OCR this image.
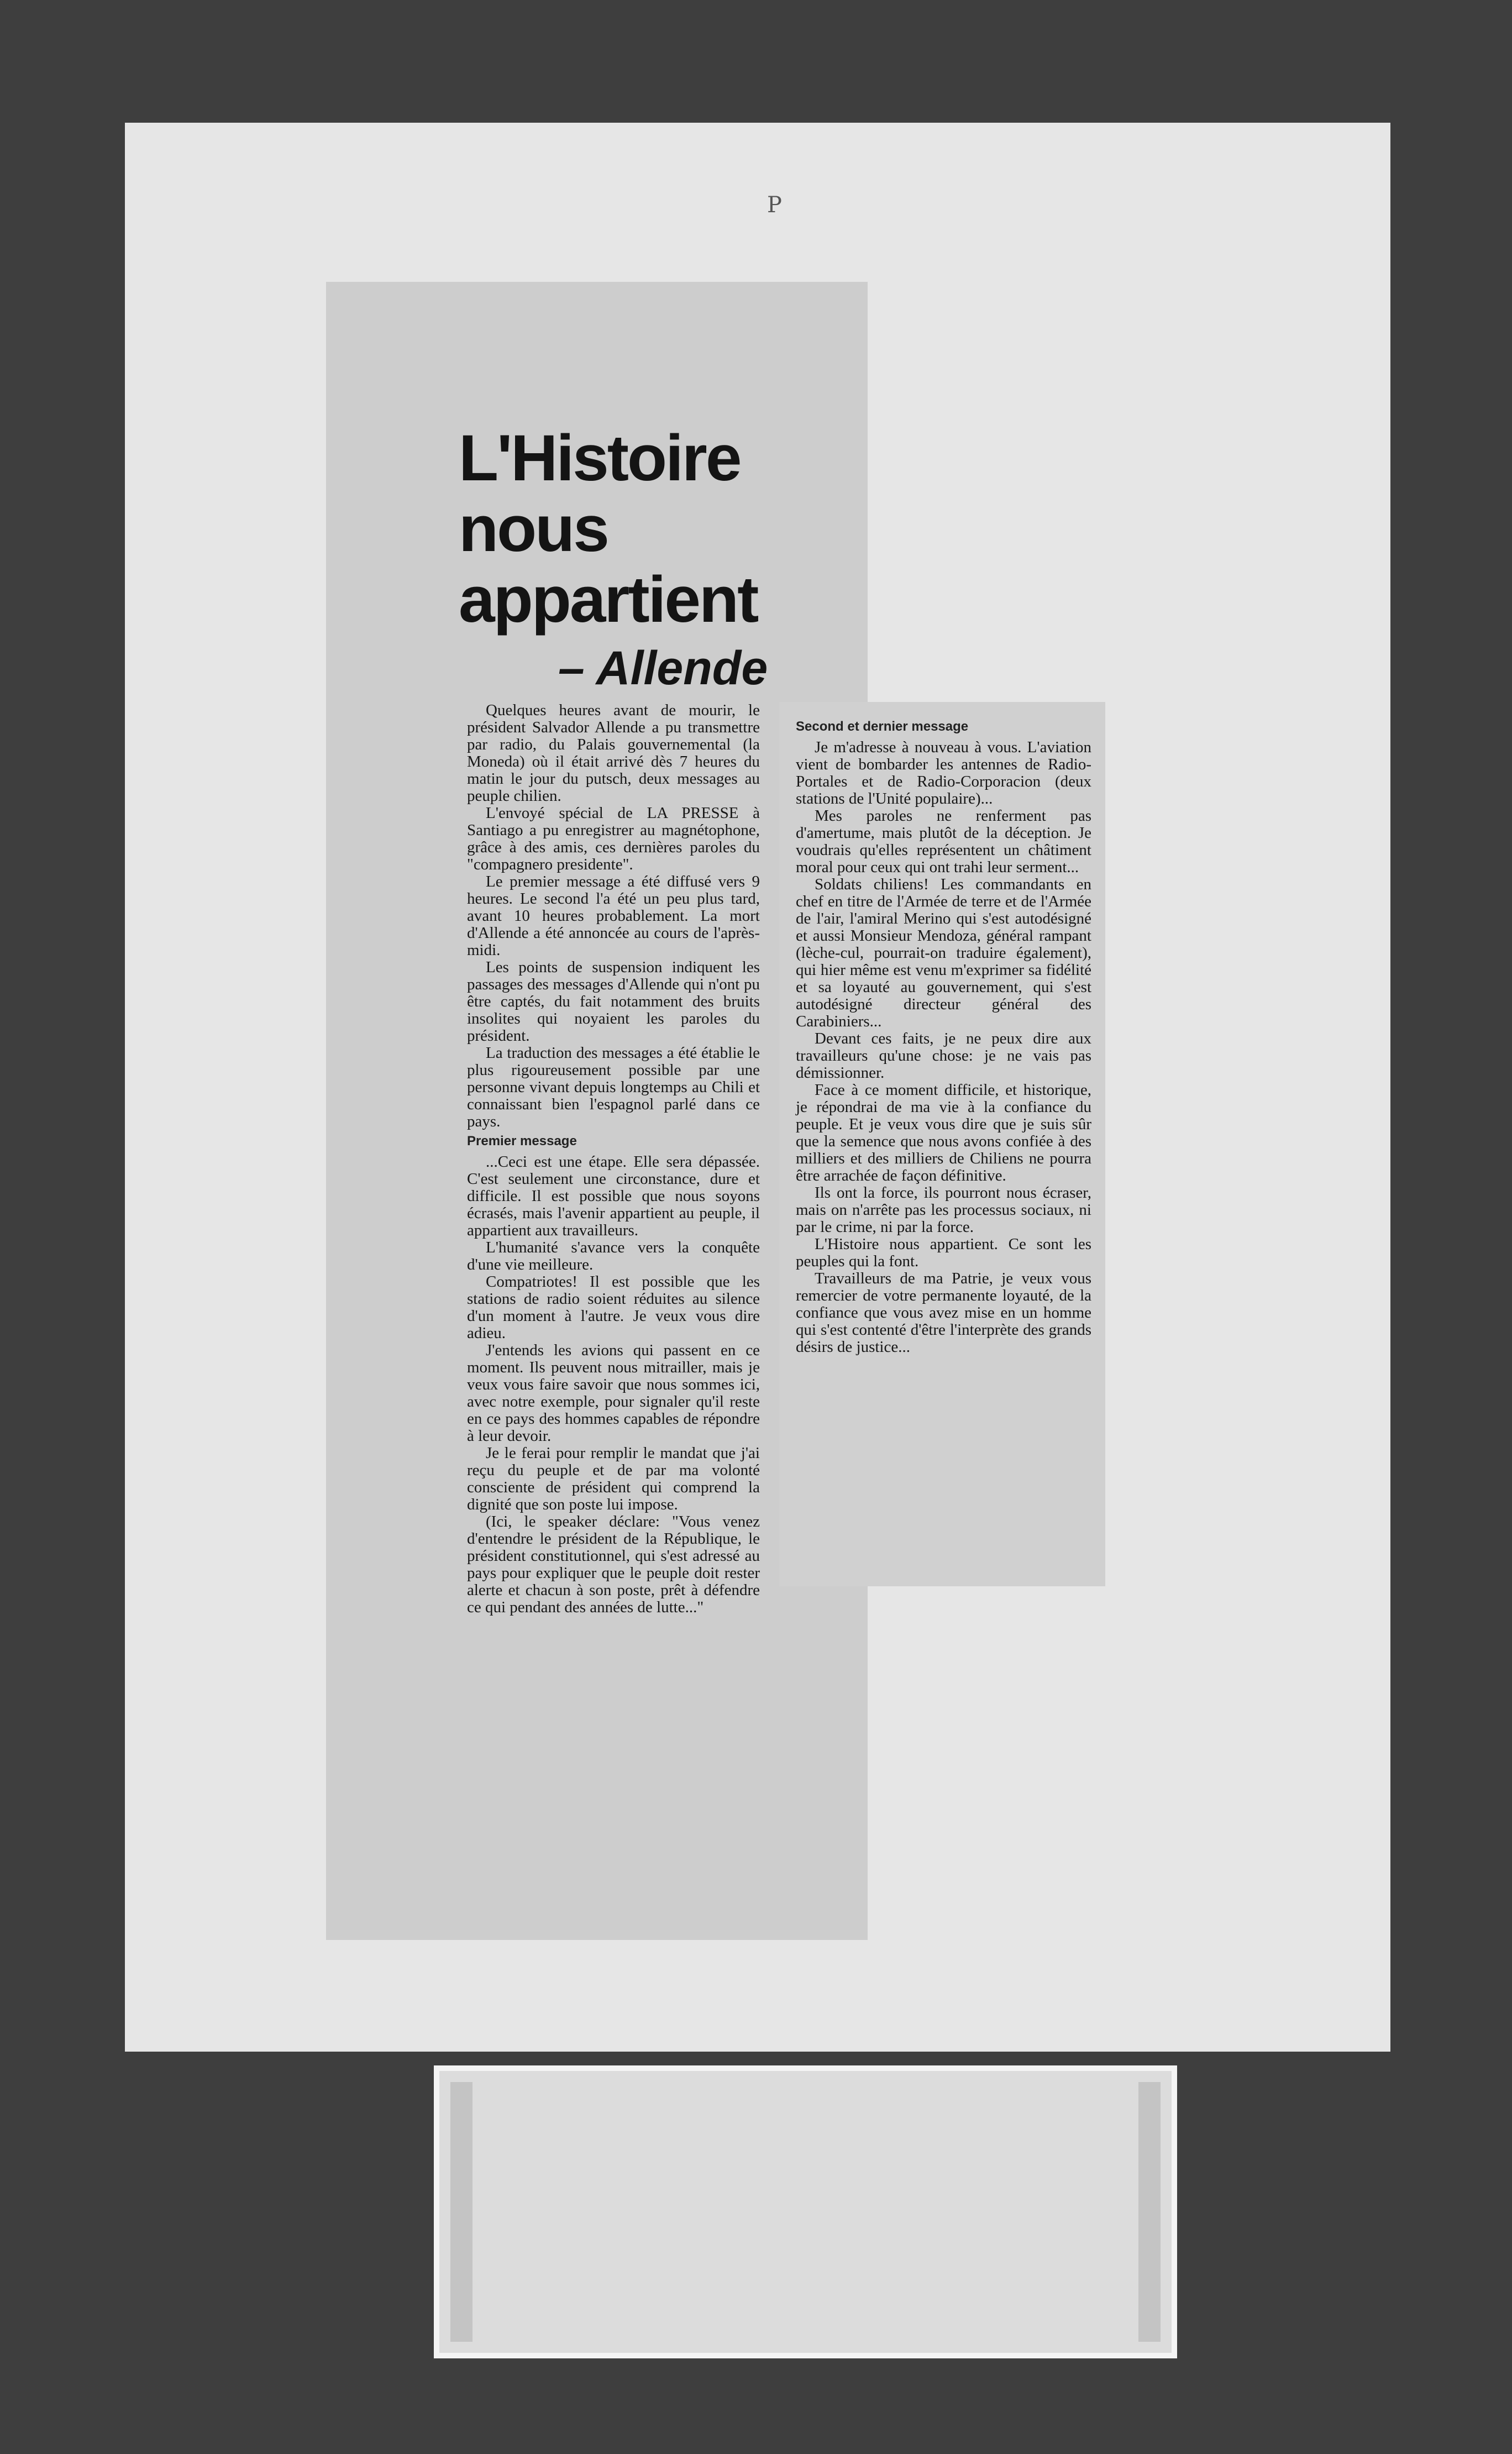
P
L'Histoire
nous
appartient
– Allende

Quelques heures avant de mourir, le président Salvador Allende a pu transmettre par radio, du Palais gouvernemental (la Moneda) où il était arrivé dès 7 heures du matin le jour du putsch, deux messages au peuple chilien.

L'envoyé spécial de LA PRESSE à Santiago a pu enregistrer au magnétophone, grâce à des amis, ces dernières paroles du "compagnero presidente".

Le premier message a été diffusé vers 9 heures. Le second l'a été un peu plus tard, avant 10 heures probablement. La mort d'Allende a été annoncée au cours de l'après-midi.

Les points de suspension indiquent les passages des messages d'Allende qui n'ont pu être captés, du fait notamment des bruits insolites qui noyaient les paroles du président.

La traduction des messages a été établie le plus rigoureusement possible par une personne vivant depuis longtemps au Chili et connaissant bien l'espagnol parlé dans ce pays.

Premier message

...Ceci est une étape. Elle sera dépassée. C'est seulement une circonstance, dure et difficile. Il est possible que nous soyons écrasés, mais l'avenir appartient au peuple, il appartient aux travailleurs.

L'humanité s'avance vers la conquête d'une vie meilleure.

Compatriotes! Il est possible que les stations de radio soient réduites au silence d'un moment à l'autre. Je veux vous dire adieu.

J'entends les avions qui passent en ce moment. Ils peuvent nous mitrailler, mais je veux vous faire savoir que nous sommes ici, avec notre exemple, pour signaler qu'il reste en ce pays des hommes capables de répondre à leur devoir.

Je le ferai pour remplir le mandat que j'ai reçu du peuple et de par ma volonté consciente de président qui comprend la dignité que son poste lui impose.

(Ici, le speaker déclare: "Vous venez d'entendre le président de la République, le président constitutionnel, qui s'est adressé au pays pour expliquer que le peuple doit rester alerte et chacun à son poste, prêt à défendre ce qui pendant des années de lutte..."

Second et dernier message

Je m'adresse à nouveau à vous. L'aviation vient de bombarder les antennes de Radio-Portales et de Radio-Corporacion (deux stations de l'Unité populaire)...

Mes paroles ne renferment pas d'amertume, mais plutôt de la déception. Je voudrais qu'elles représentent un châtiment moral pour ceux qui ont trahi leur serment...

Soldats chiliens! Les commandants en chef en titre de l'Armée de terre et de l'Armée de l'air, l'amiral Merino qui s'est autodésigné et aussi Monsieur Mendoza, général rampant (lèche-cul, pourrait-on traduire également), qui hier même est venu m'exprimer sa fidélité et sa loyauté au gouvernement, qui s'est autodésigné directeur général des Carabiniers...

Devant ces faits, je ne peux dire aux travailleurs qu'une chose: je ne vais pas démissionner.

Face à ce moment difficile, et historique, je répondrai de ma vie à la confiance du peuple. Et je veux vous dire que je suis sûr que la semence que nous avons confiée à des milliers et des milliers de Chiliens ne pourra être arrachée de façon définitive.

Ils ont la force, ils pourront nous écraser, mais on n'arrête pas les processus sociaux, ni par le crime, ni par la force.

L'Histoire nous appartient. Ce sont les peuples qui la font.

Travailleurs de ma Patrie, je veux vous remercier de votre permanente loyauté, de la confiance que vous avez mise en un homme qui s'est contenté d'être l'interprète des grands désirs de justice...
